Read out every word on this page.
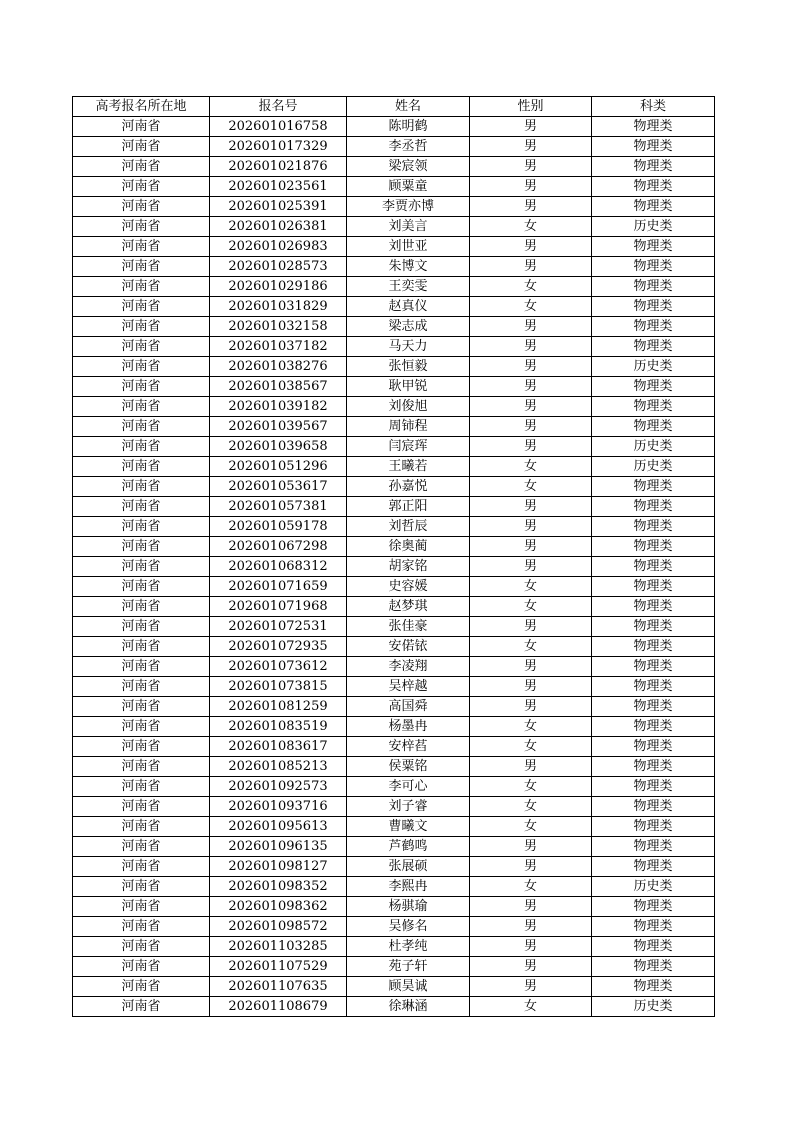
高考报名所在地	报名号	姓名	性别	科类
河南省	202601016758	陈明鹤	男	物理类
河南省	202601017329	李丞哲	男	物理类
河南省	202601021876	梁宸领	男	物理类
河南省	202601023561	顾粟童	男	物理类
河南省	202601025391	李贾亦博	男	物理类
河南省	202601026381	刘美言	女	历史类
河南省	202601026983	刘世亚	男	物理类
河南省	202601028573	朱博文	男	物理类
河南省	202601029186	王奕雯	女	物理类
河南省	202601031829	赵真仪	女	物理类
河南省	202601032158	梁志成	男	物理类
河南省	202601037182	马天力	男	物理类
河南省	202601038276	张恒毅	男	历史类
河南省	202601038567	耿甲锐	男	物理类
河南省	202601039182	刘俊旭	男	物理类
河南省	202601039567	周铈程	男	物理类
河南省	202601039658	闫宸珲	男	历史类
河南省	202601051296	王曦若	女	历史类
河南省	202601053617	孙嘉悦	女	物理类
河南省	202601057381	郭正阳	男	物理类
河南省	202601059178	刘哲辰	男	物理类
河南省	202601067298	徐奥蔺	男	物理类
河南省	202601068312	胡家铭	男	物理类
河南省	202601071659	史容媛	女	物理类
河南省	202601071968	赵梦琪	女	物理类
河南省	202601072531	张佳豪	男	物理类
河南省	202601072935	安偌铱	女	物理类
河南省	202601073612	李凌翔	男	物理类
河南省	202601073815	吴梓越	男	物理类
河南省	202601081259	高国舜	男	物理类
河南省	202601083519	杨墨冉	女	物理类
河南省	202601083617	安梓萏	女	物理类
河南省	202601085213	侯粟铭	男	物理类
河南省	202601092573	李可心	女	物理类
河南省	202601093716	刘子睿	女	物理类
河南省	202601095613	曹曦文	女	物理类
河南省	202601096135	芦鹤鸣	男	物理类
河南省	202601098127	张展硕	男	物理类
河南省	202601098352	李熙冉	女	历史类
河南省	202601098362	杨骐瑜	男	物理类
河南省	202601098572	吴修名	男	物理类
河南省	202601103285	杜孝纯	男	物理类
河南省	202601107529	苑子轩	男	物理类
河南省	202601107635	顾昊诚	男	物理类
河南省	202601108679	徐琳涵	女	历史类
